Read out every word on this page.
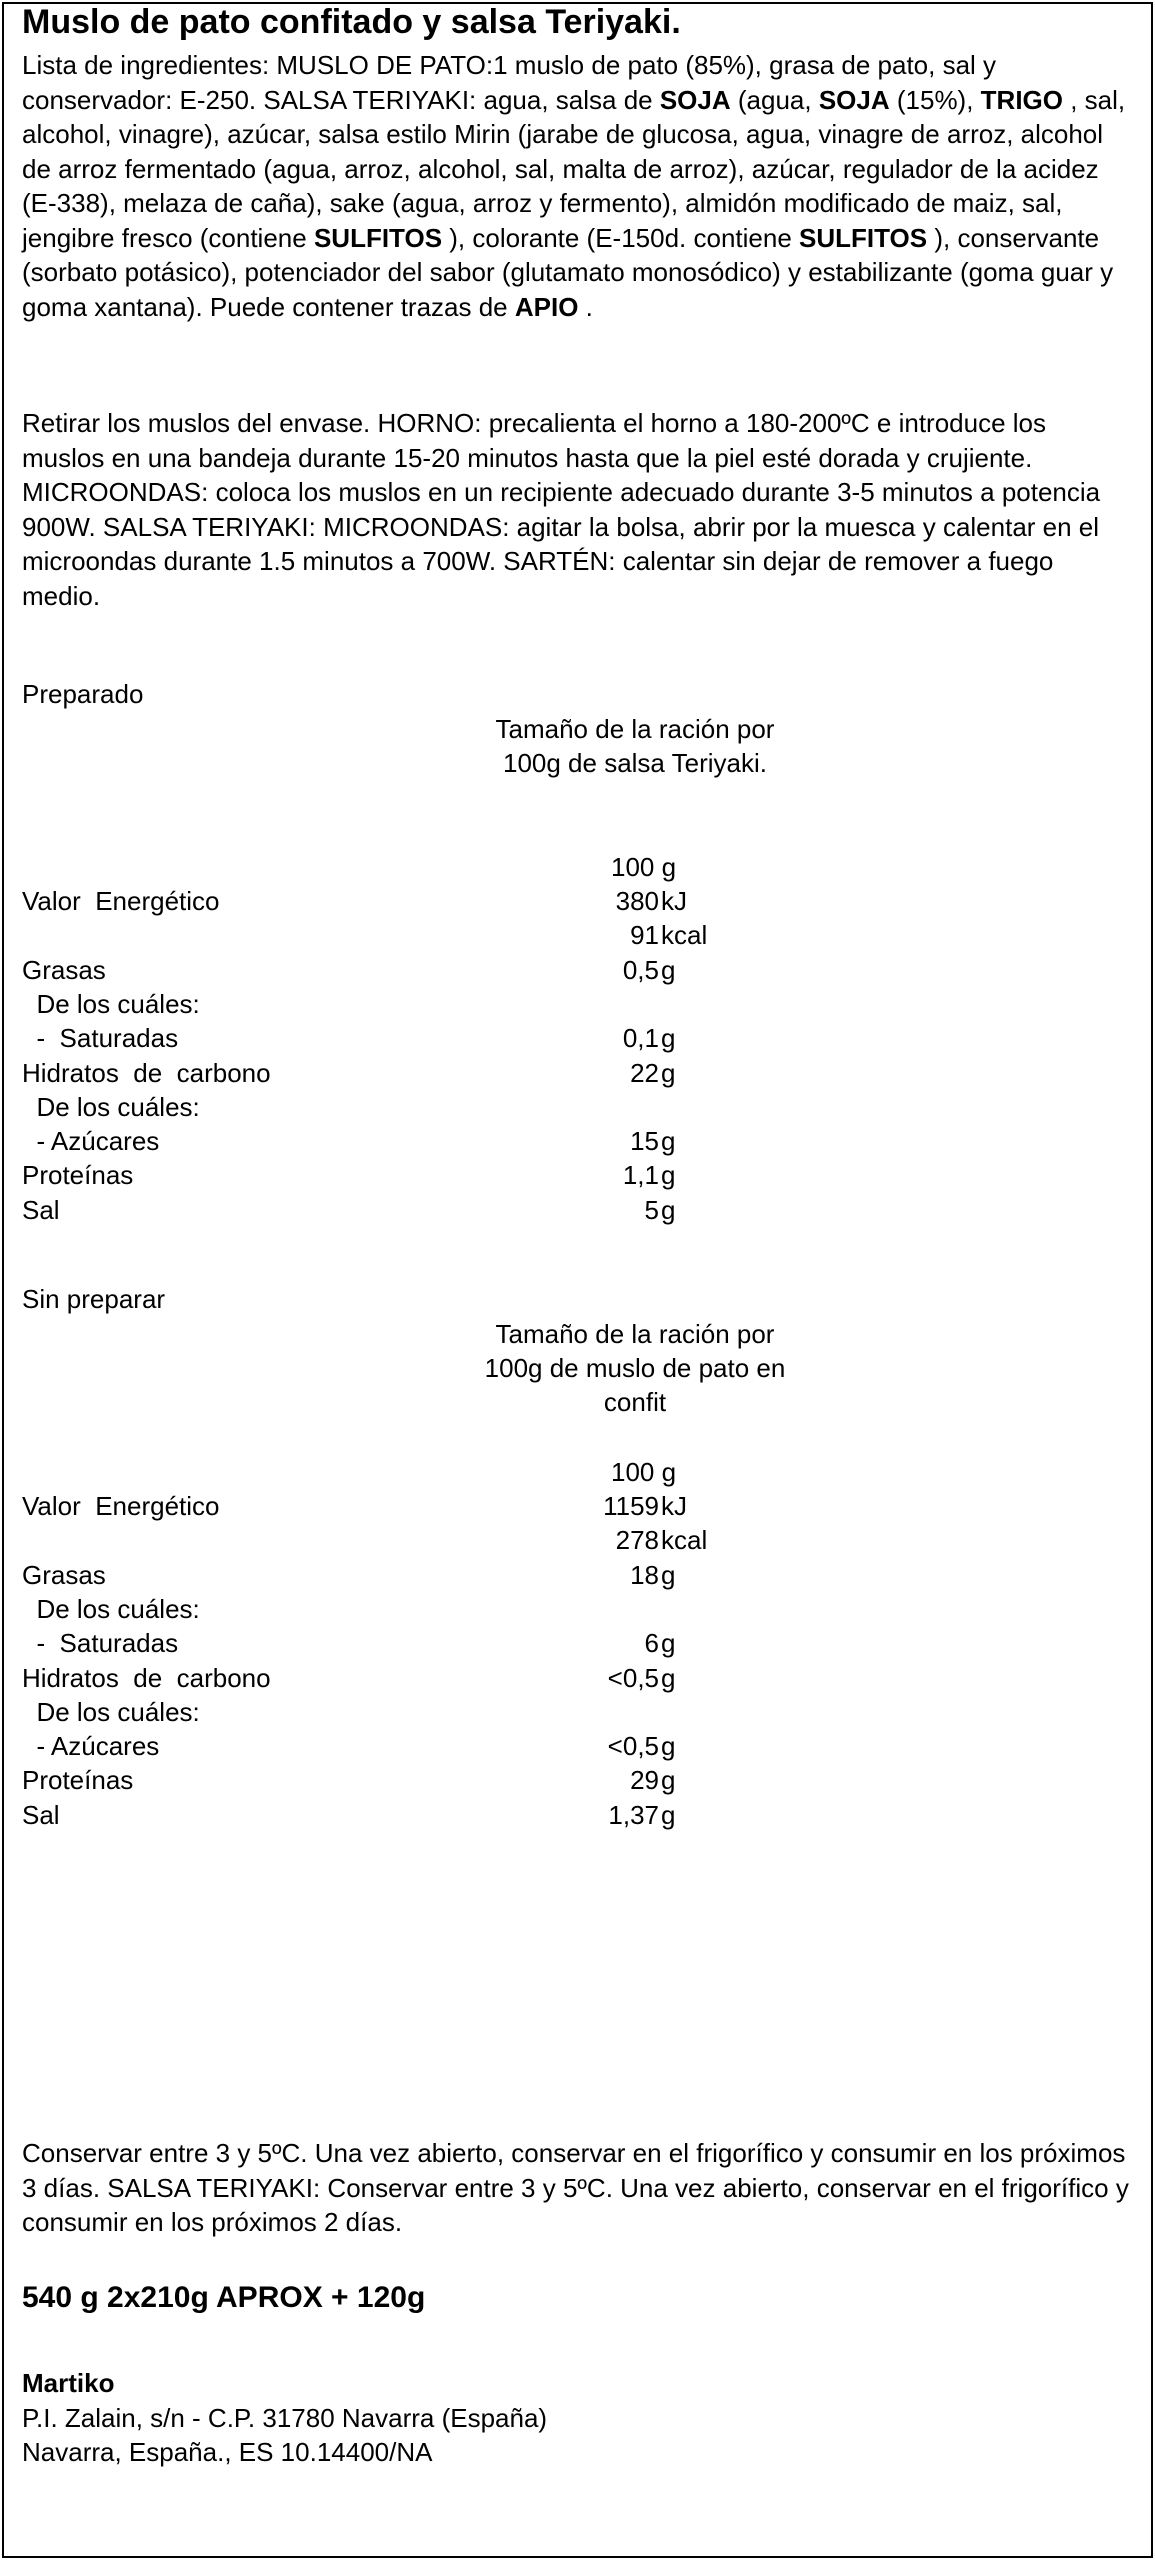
Muslo de pato confitado y salsa Teriyaki.
Lista de ingredientes: MUSLO DE PATO:1 muslo de pato (85%), grasa de pato, sal y conservador: E-250. SALSA TERIYAKI: agua, salsa de SOJA (agua, SOJA (15%), TRIGO , sal, alcohol, vinagre), azúcar, salsa estilo Mirin (jarabe de glucosa, agua, vinagre de arroz, alcohol de arroz fermentado (agua, arroz, alcohol, sal, malta de arroz), azúcar, regulador de la acidez (E-338), melaza de caña), sake (agua, arroz y fermento), almidón modificado de maiz, sal, jengibre fresco (contiene SULFITOS ), colorante (E-150d. contiene SULFITOS ), conservante (sorbato potásico), potenciador del sabor (glutamato monosódico) y estabilizante (goma guar y goma xantana). Puede contener trazas de APIO .
Retirar los muslos del envase. HORNO: precalienta el horno a 180-200ºC e introduce los muslos en una bandeja durante 15-20 minutos hasta que la piel esté dorada y crujiente. MICROONDAS: coloca los muslos en un recipiente adecuado durante 3-5 minutos a potencia 900W. SALSA TERIYAKI: MICROONDAS: agitar la bolsa, abrir por la muesca y calentar en el microondas durante 1.5 minutos a 700W. SARTÉN: calentar sin dejar de remover a fuego medio.
Preparado
Tamaño de la ración por
100g de salsa Teriyaki.
100 g
Valor  Energético	380 kJ
91 kcal
Grasas	0,5 g
De los cuáles:
-  Saturadas	0,1 g
Hidratos  de  carbono	22 g
De los cuáles:
- Azúcares	15 g
Proteínas	1,1 g
Sal	5 g
Sin preparar
Tamaño de la ración por
100g de muslo de pato en
confit
100 g
Valor  Energético	1159 kJ
278 kcal
Grasas	18 g
De los cuáles:
-  Saturadas	6 g
Hidratos  de  carbono	<0,5 g
De los cuáles:
- Azúcares	<0,5 g
Proteínas	29 g
Sal	1,37 g
Conservar entre 3 y 5ºC. Una vez abierto, conservar en el frigorífico y consumir en los próximos 3 días. SALSA TERIYAKI: Conservar entre 3 y 5ºC. Una vez abierto, conservar en el frigorífico y consumir en los próximos 2 días.
540 g 2x210g APROX + 120g
Martiko
P.I. Zalain, s/n - C.P. 31780 Navarra (España)
Navarra, España., ES 10.14400/NA
